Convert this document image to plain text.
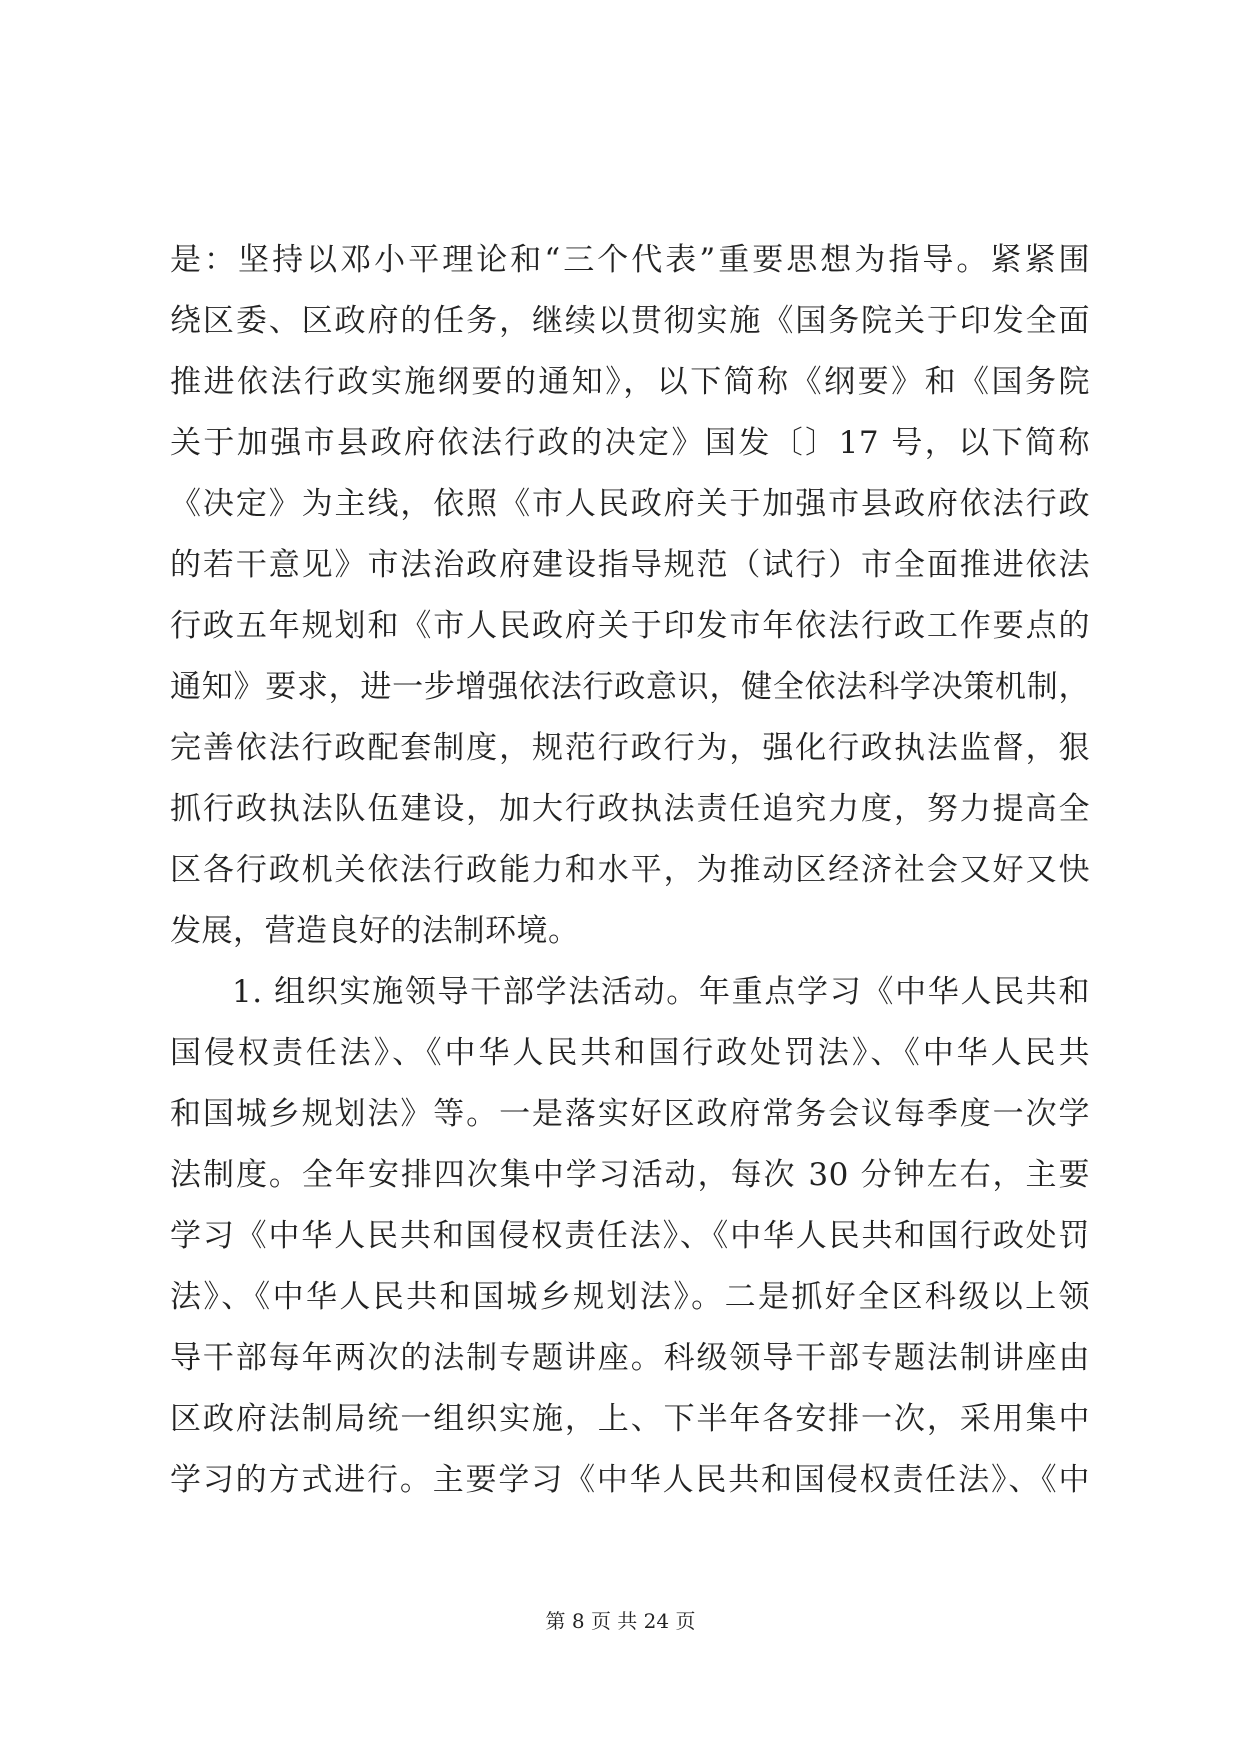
是：坚持以邓小平理论和“三个代表”重要思想为指导。紧紧围
绕区委、区政府的任务，继续以贯彻实施《国务院关于印发全面
推进依法行政实施纲要的通知》，以下简称《纲要》和《国务院
关于加强市县政府依法行政的决定》国发〔〕17 号，以下简称
《决定》为主线，依照《市人民政府关于加强市县政府依法行政
的若干意见》市法治政府建设指导规范（试行）市全面推进依法
行政五年规划和《市人民政府关于印发市年依法行政工作要点的
通知》要求，进一步增强依法行政意识，健全依法科学决策机制，
完善依法行政配套制度，规范行政行为，强化行政执法监督，狠
抓行政执法队伍建设，加大行政执法责任追究力度，努力提高全
区各行政机关依法行政能力和水平，为推动区经济社会又好又快
发展，营造良好的法制环境。
1. 组织实施领导干部学法活动。年重点学习《中华人民共和
国侵权责任法》、《中华人民共和国行政处罚法》、《中华人民共
和国城乡规划法》等。一是落实好区政府常务会议每季度一次学
法制度。全年安排四次集中学习活动，每次 30 分钟左右，主要
学习《中华人民共和国侵权责任法》、《中华人民共和国行政处罚
法》、《中华人民共和国城乡规划法》。二是抓好全区科级以上领
导干部每年两次的法制专题讲座。科级领导干部专题法制讲座由
区政府法制局统一组织实施，上、下半年各安排一次，采用集中
学习的方式进行。主要学习《中华人民共和国侵权责任法》、《中
第 8 页 共 24 页
